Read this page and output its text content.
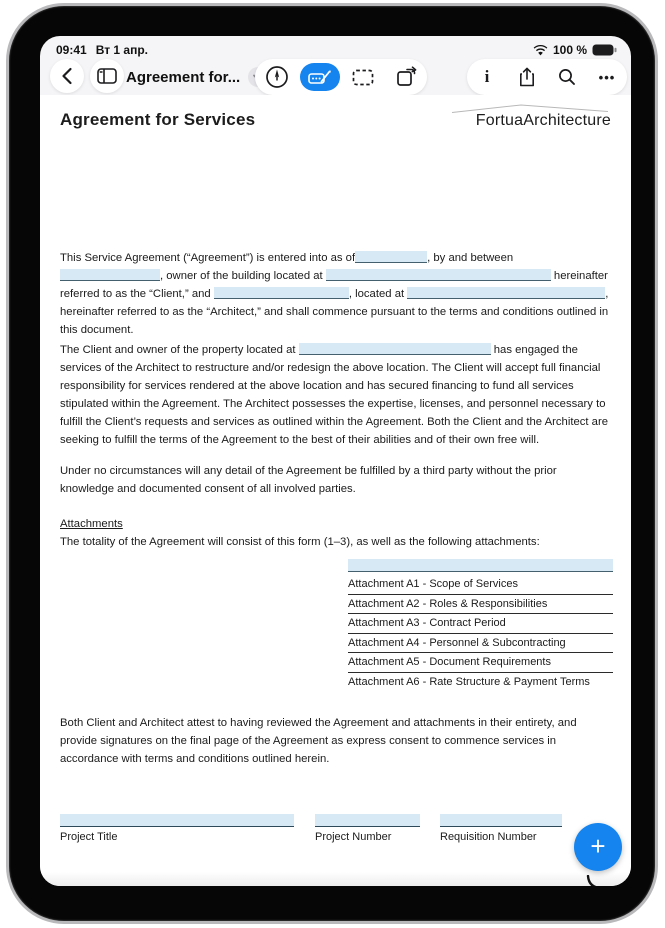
09:41 Вт 1 апр.	100 %
Agreement for...	i	•••
Agreement for Services	FortuaArchitecture

This Service Agreement (“Agreement”) is entered into as of	, by and between , owner of the building located at	hereinafter referred to as the “Client,” and	, located at	, hereinafter referred to as the “Architect,” and shall commence pursuant to the terms and conditions outlined in this document.

The Client and owner of the property located at	has engaged the services of the Architect to restructure and/or redesign the above location. The Client will accept full financial responsibility for services rendered at the above location and has secured financing to fund all services stipulated within the Agreement. The Architect possesses the expertise, licenses, and personnel necessary to fulfill the Client’s requests and services as outlined within the Agreement. Both the Client and the Architect are seeking to fulfill the terms of the Agreement to the best of their abilities and of their own free will.

Under no circumstances will any detail of the Agreement be fulfilled by a third party without the prior knowledge and documented consent of all involved parties.

Attachments
The totality of the Agreement will consist of this form (1–3), as well as the following attachments:
Attachment A1 - Scope of Services
Attachment A2 - Roles & Responsibilities
Attachment A3 - Contract Period
Attachment A4 - Personnel & Subcontracting
Attachment A5 - Document Requirements
Attachment A6 - Rate Structure & Payment Terms

Both Client and Architect attest to having reviewed the Agreement and attachments in their entirety, and provide signatures on the final page of the Agreement as express consent to commence services in accordance with terms and conditions outlined herein.

Project Title	Project Number	Requisition Number	+
